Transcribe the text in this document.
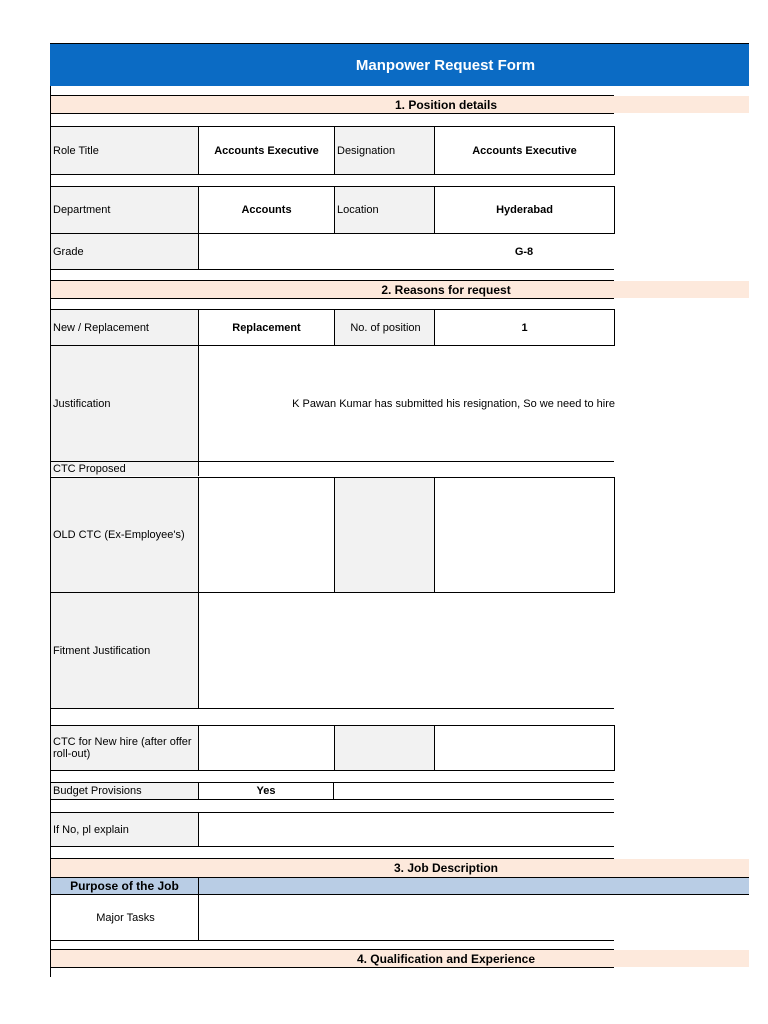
Manpower Request Form
1. Position details
Role Title	Accounts Executive	Designation	Accounts Executive
Department	Accounts	Location	Hyderabad
Grade	G-8
2. Reasons for request
New / Replacement	Replacement	No. of position	1
Justification	K Pawan Kumar has submitted his resignation, So we need to hire
CTC Proposed
OLD CTC (Ex-Employee's)
Fitment Justification
CTC for New hire (after offer roll-out)
Budget Provisions	Yes
If No, pl explain
3. Job Description
Purpose of the Job
Major Tasks
4. Qualification and Experience
